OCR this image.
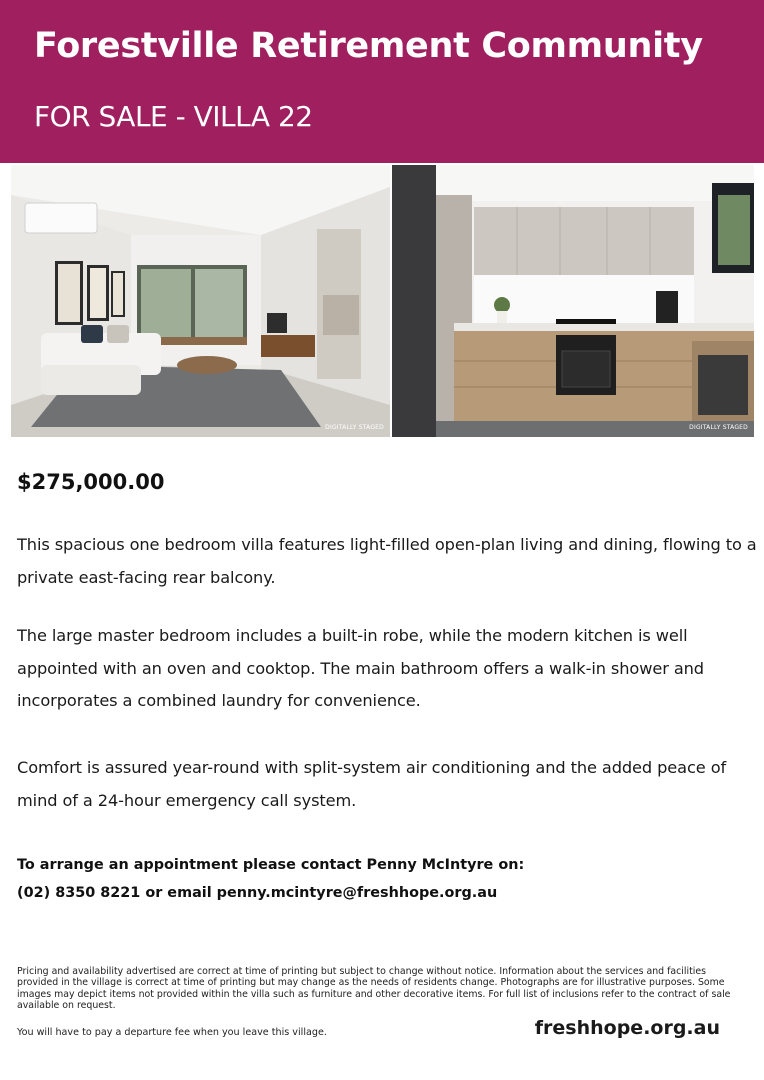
Forestville Retirement Community
FOR SALE - VILLA 22
DIGITALLY STAGED	DIGITALLY STAGED
$275,000.00

This spacious one bedroom villa features light-filled open-plan living and dining, flowing to a private east-facing rear balcony.

The large master bedroom includes a built-in robe, while the modern kitchen is well appointed with an oven and cooktop. The main bathroom offers a walk-in shower and incorporates a combined laundry for convenience.

Comfort is assured year-round with split-system air conditioning and the added peace of mind of a 24-hour emergency call system.

To arrange an appointment please contact Penny McIntyre on:
(02) 8350 8221 or email penny.mcintyre@freshhope.org.au

Pricing and availability advertised are correct at time of printing but subject to change without notice. Information about the services and facilities provided in the village is correct at time of printing but may change as the needs of residents change. Photographs are for illustrative purposes. Some images may depict items not provided within the villa such as furniture and other decorative items. For full list of inclusions refer to the contract of sale available on request.

You will have to pay a departure fee when you leave this village.	freshhope.org.au
